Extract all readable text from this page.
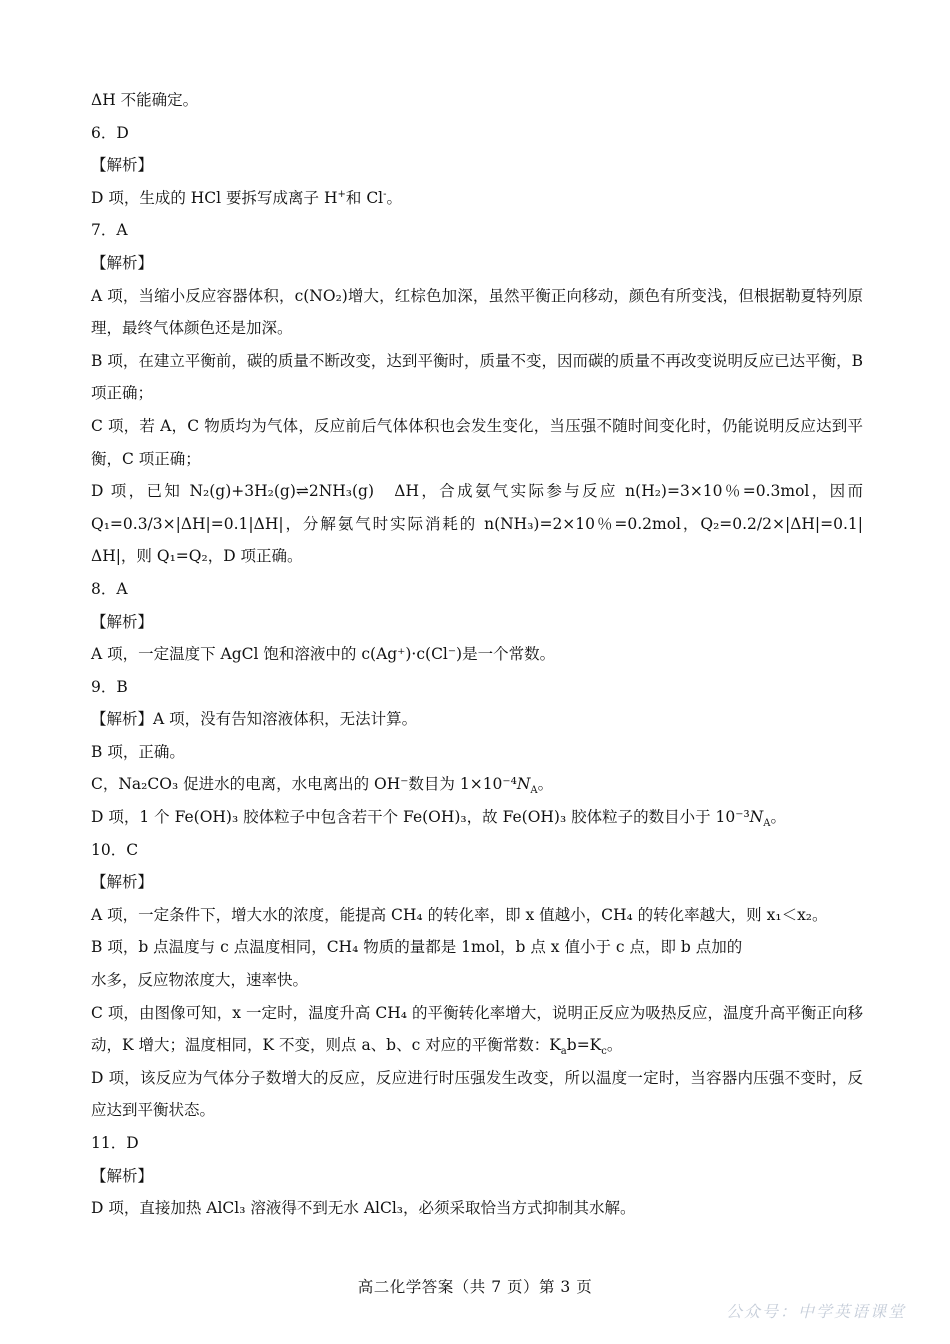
ΔH 不能确定。

6．D

【解析】

D 项，生成的 HCl 要拆写成离子 H+和 Cl-。

7．A

【解析】

A 项，当缩小反应容器体积，c(NO₂)增大，红棕色加深，虽然平衡正向移动，颜色有所变浅，但根据勒夏特列原理，最终气体颜色还是加深。

B 项，在建立平衡前，碳的质量不断改变，达到平衡时，质量不变，因而碳的质量不再改变说明反应已达平衡，B 项正确；

C 项，若 A，C 物质均为气体，反应前后气体体积也会发生变化，当压强不随时间变化时，仍能说明反应达到平衡，C 项正确；

D 项，已知 N₂(g)+3H₂(g)⇌2NH₃(g)　ΔH，合成氨气实际参与反应 n(H₂)=3×10％=0.3mol，因而 Q₁=0.3/3×|ΔH|=0.1|ΔH|，分解氨气时实际消耗的 n(NH₃)=2×10％=0.2mol，Q₂=0.2/2×|ΔH|=0.1|ΔH|，则 Q₁=Q₂，D 项正确。

8．A

【解析】

A 项，一定温度下 AgCl 饱和溶液中的 c(Ag⁺)·c(Cl⁻)是一个常数。

9．B

【解析】A 项，没有告知溶液体积，无法计算。

B 项，正确。

C，Na₂CO₃ 促进水的电离，水电离出的 OH⁻数目为 $1\times 10^{-4}N_A$。

D 项，1 个 Fe(OH)₃ 胶体粒子中包含若干个 Fe(OH)₃，故 Fe(OH)₃ 胶体粒子的数目小于 $10^{-3}N_A$。

10．C

【解析】

A 项，一定条件下，增大水的浓度，能提高 CH₄ 的转化率，即 x 值越小，CH₄ 的转化率越大，则 x₁＜x₂。

B 项，b 点温度与 c 点温度相同，CH₄ 物质的量都是 1mol，b 点 x 值小于 c 点，即 b 点加的

水多，反应物浓度大，速率快。

C 项，由图像可知，x 一定时，温度升高 CH₄ 的平衡转化率增大，说明正反应为吸热反应，温度升高平衡正向移动，K 增大；温度相同，K 不变，则点 a、b、c 对应的平衡常数：$K_ab=K_c$。

D 项，该反应为气体分子数增大的反应，反应进行时压强发生改变，所以温度一定时，当容器内压强不变时，反应达到平衡状态。

11．D

【解析】

D 项，直接加热 AlCl₃ 溶液得不到无水 AlCl₃，必须采取恰当方式抑制其水解。

高二化学答案（共 7 页）第 3 页
公众号：中学英语课堂
